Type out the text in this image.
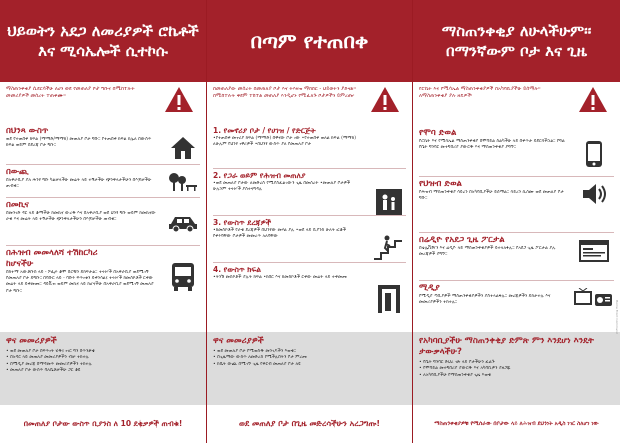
ህይወትን አደጋ ለመሪያዎች ሮኬቶች እና ሚሳኤሎች ሲተኮሱ
ማስጠንቀቂያ ሲደርሳችሁ ለሀን ወደ የመጠለያ ቦታ ግቡና በሚከተሉት መመሪያዎች መሰረት ተጠቀሙ።
በህንጻ ውስጥ
ወደ የተጠበቀ ክፍል (ማማድ/ማማክ) መጠለያ ቦታ ግቡ። የተጠበቀ ክፍል ከሌለ በውስጥ ክፍል ወይም በደረጃ ቦታ ግቡ።
በውጪ
በአቅራቢያ ያለ ሕንፃ ግቡ ካልቻላችሁ መሬት ላይ ተኝታችሁ ጭንቅላታችሁን በእጆቻችሁ ጠብቁ።
በመኪና
በመንገድ ዳር ላይ ቆማችሁ ከመኪና ውረዱ እና በአቅራቢያ ወደ ህንፃ ግቡ ወይም ከመኪናው ራቁ እና መሬት ላይ ተኝታችሁ ጭንቅላታችሁን በእጆቻችሁ ጠብቁ።
በሕዝብ መመላለሻ ተሽከርካሪ
ከሆናችሁ
በከተማ አውቶቡስ ላይ - ሾፌሩ ቆሞ በሮቹን ይከፍታል። ተጓዦች በአቅራቢያ ወደሚገኝ የመጠለያ ቦታ ይግቡ። በባቡር ላይ - ባቡሩ ፍጥነቱን ይቀንሳል፤ ተጓዦች ከመስኮቶች ርቀው መሬት ላይ ይቀመጡ። ዳይቪዝ ወይም መኪና ላይ ከሆናችሁ በአቅራቢያ ወደሚገኝ መጠለያ ቦታ ግቡ።
ዋና መመሪያዎች
• ወደ መጠለያ ቦታ በፍጥነት ሂዱ፤ ነገር ግን በጥንቃቄ
• በአዳር ላይ መጠለያ መመሪያዎችን ብቻ ተከተሉ
• በሚዲያ መረጃ በማዳመጥ መመሪያዎችን ተከተሉ
• መጠለያ ቦታ ውስጥ ባለቤቶቻችሁ ጋር ቆዩ
በመጠለያ ቦታው ውስጥ ቢያንስ ለ 10 ደቂቃዎች ጠብቁ!
በጣም የተጠበቀ
በመጠለያው መሰረት በመጠለያ ቦታ እና ትእዛዝ ማክበር - ህይወትን ያድናል። በሚከተሉት ቅደም ተከተል መጠለያ እንዲሆኑ የሚፈለጉ ቦታዎችን ይምረጡ፡
1. የመኖሪያ ቦታ / የሀገዝ / የድርጅት
•የተጠበቀ መኖሪያ ክፍል (ማማድ) በዋናው ቦታ ነው •የተጠበቀ ወለል ክፍል (ማማክ) ለሁሉም የህንፃ ነዋሪዎች •በህንፃ ውስጥ ያለ የመጠለያ ቦታ
2. የጋራ ወይም የሕዝብ መጠለያ
•ወደ መጠለያ ቦታው ለመድረስ የሚያስፈልገውን ጊዜ በመሰረት •መጠለያ ቦታዎች ሁሉንም ተጓዦች ያስተናግዳሉ
3. የውስጥ ደረጃዎች
•ከመስኮቶች የራቁ ደረጃዎች በህንፃው መሃል ያሉ •ወደ ላይ ቢያንስ ሁለት ፎቆች የቀሩባቸው ቦታዎች መመረጥ አለባቸው
4. የውስጥ ክፍል
•ትንሽ መስኮቶች ያሉት ክፍል •ከበር እና ከመስኮቶች ርቀው መሬት ላይ ተቀመጡ
ዋና መመሪያዎች
• ወደ መጠለያ ቦታ የሚወስዱ መንገዶችን እወቁ።
• በጊዜማው ውስጥ ለመድረስ የሚችሉበትን ቦታ ምረጡ
• ከቤት ውጪ በሚገኙ ጊዜ የቅርብ መጠለያ ቦታ ለዩ
ወደ መጠለያ ቦታ በጊዜ መድረሳችሁን አረጋግጡ!
ማስጠንቀቂያ ለሁላችሁም፡፡ በማንኛውም ቦታ እና ጊዜ
የሮኬት እና የሚሳኤል ማስጠንቀቂያዎች በአካባቢያችሁ ይሰማሉ። ለማስጠንቀቂያ ያሉ ዘዴዎች፡
የሞባ ድወል
የሮኬት እና የሚሳኤል ማስጠንቀቂያ በሞባይል ስልካችሁ ላይ በቀጥታ ይደርሳችኋል። የግል የቤት ግንባር መተግበሪያ ያውርዱ እና ማስጠንቀቂያ ያግኙ።
የህዝብ ድወል
የሕዝብ ማስጠንቀቂያ ሳይረን በአካባቢያችሁ ይሰማል። ሳይረን ሲሰሙ ወደ መጠለያ ቦታ ግቡ።
በሬዲዮ የአደጋ ጊዜ ፖርታል
በቴሌቪዥን እና ሬዲዮ ላይ ማስጠንቀቂያዎች ይተላለፋሉ። የአደጋ ጊዜ ፖርታል ያሉ መረጃዎች ያግኙ።
ሚዲያ
የሚዲያ ጣቢያዎች ማስጠንቀቂያዎችን ያስተላልፋሉ። መረጃዎችን ይከታተሉ እና መመሪያዎችን ተከተሉ።
የአካባቢያችሁ ማስጠንቀቂያ ድምጽ ምን እንደሆነ እንዴት ታውቃላችሁ?
• የቤት ግንባር ድህረ ገጽ ላይ ቦታችሁን ፈልጉ
• የሞባይል መተግበሪያ ያውርዱ እና አካባቢዎን ያዘጋጁ
• ለአካባቢያችሁ የማስጠንቀቂያ ጊዜ እወቁ
ማስጠንቀቂያዎቹ የሚሰራው በቦታው ላይ ለሕዝብ ደህንነት አዲስ ነገር ስለሆነ ነው
Home Front Command
